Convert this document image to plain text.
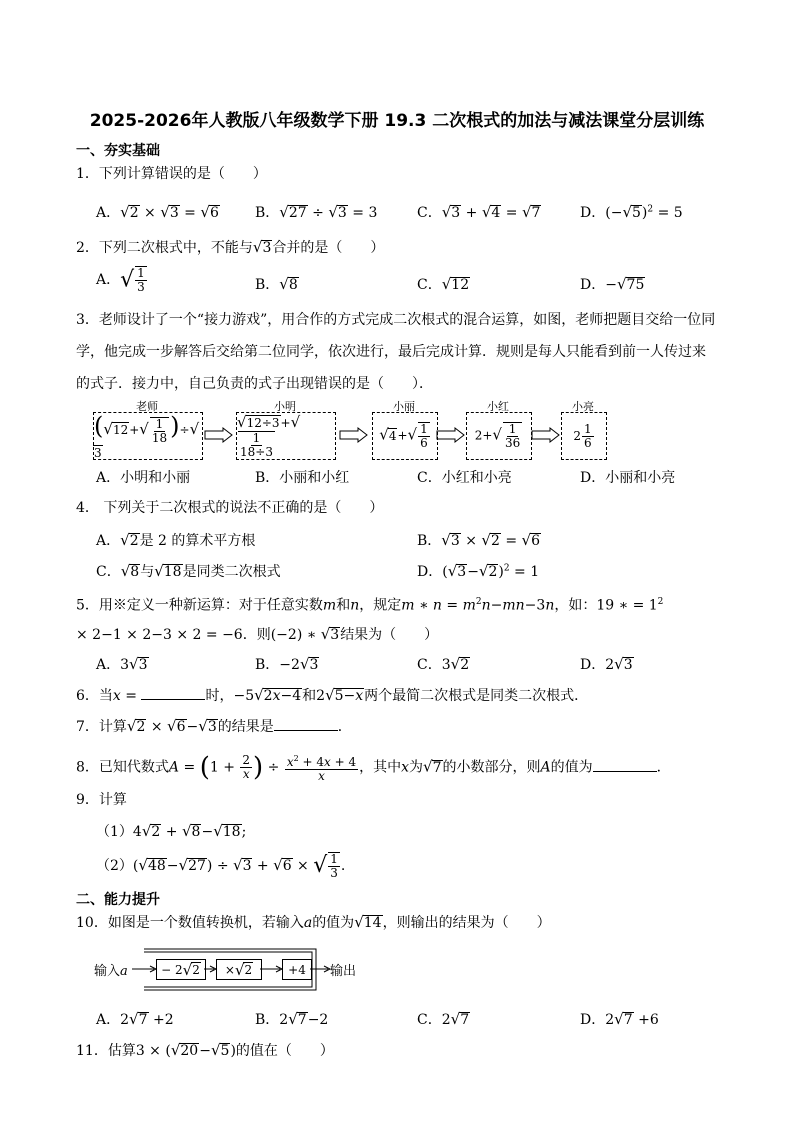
2025-2026年人教版八年级数学下册 19.3 二次根式的加法与减法课堂分层训练
一、夯实基础
1．下列计算错误的是（　　）
A．√2 × √3 = √6	B．√27 ÷ √3 = 3	C．√3 + √4 = √7	D．$(-√5)^2 = 5$
2．下列二次根式中，不能与√3合并的是（　　）
A．√ $\frac{1}{3}$	B．√8	C．√12	D．−√75
3．老师设计了一个“接力游戏”，用合作的方式完成二次根式的混合运算，如图，老师把题目交给一位同
学，他完成一步解答后交给第二位同学，依次进行，最后完成计算．规则是每人只能看到前一人传过来
的式子．接力中，自己负责的式子出现错误的是（　　）．
老师	小明	小丽	小红	小亮
$(√12+√ \frac{1}{18} )\div√3$
√12÷3+√
$\frac{1}{18\div 3}$	$√4+√ \frac{1}{6}$	$2+√ \frac{1}{36}$	$2 \frac{1}{6}$
A．小明和小丽	B．小丽和小红	C．小红和小亮	D．小丽和小亮
4． 下列关于二次根式的说法不正确的是（　　）
A．√2是 2 的算术平方根	B．√3 × √2 = √6
C．√8与√18是同类二次根式	D．$(√3-√2)^2 = 1$
5．用※定义一种新运算：对于任意实数m和n，规定m ∗ $n = m^2n-mn-3n$，如：19 ∗ = $1^2$
× 2−1 × 2−3 × 2 = −6．则(−2) ∗ √3结果为（　　）
A．3√3	B．−2√3	C．3√2	D．2√3
6．当x =	时，−5√2x−4和2√5−x两个最简二次根式是同类二次根式．
7．计算√2 × √6−√3的结果是	．
8．已知代数式$A = (1 + \frac{2}{x}$ ) ÷ $\frac{x^2 + 4x + 4}{x}$ ，其中x为√7的小数部分，则A的值为	．
9．计算
（1）4√2 + √8−√18;
（2）(√48−√27) ÷ √3 + √6 × √ $\frac{1}{3}$ .
二、能力提升
10．如图是一个数值转换机，若输入a的值为√14，则输出的结果为（　　）
输入a	输出
− 2 √ 2	× √ 2	+4
A．2√7 +2	B．2√7−2	C．2√7	D．2√7 +6
11．估算3 × (√20−√5)的值在（　　）
